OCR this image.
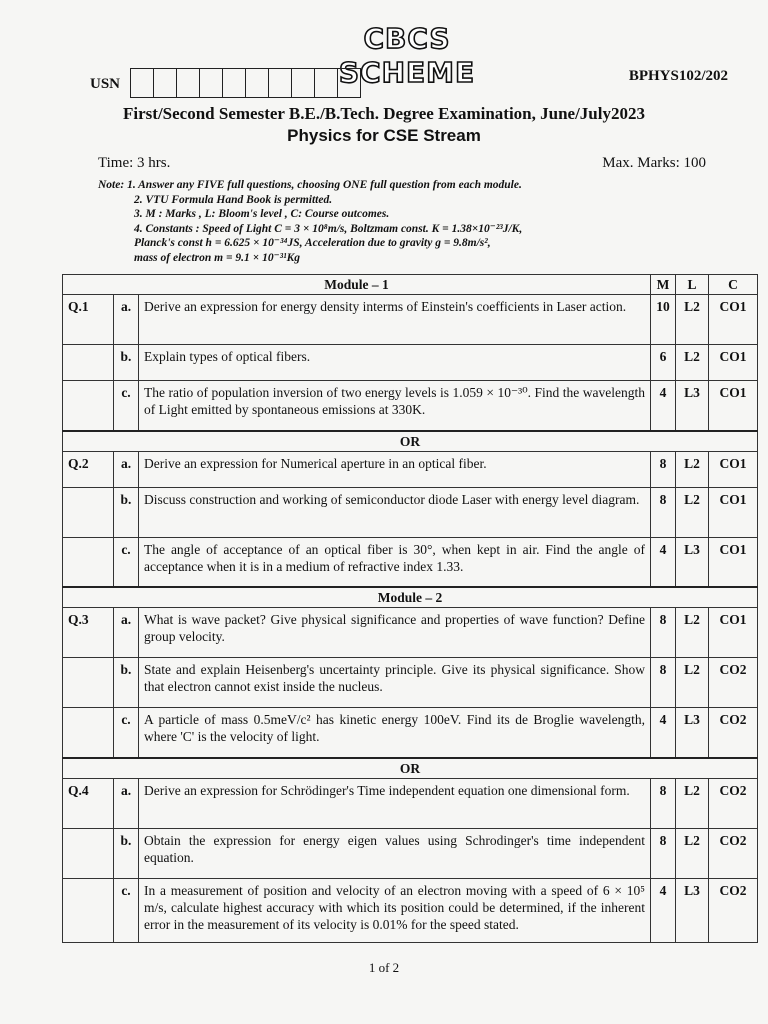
CBCS SCHEME
USN	BPHYS102/202
First/Second Semester B.E./B.Tech. Degree Examination, June/July2023
Physics for CSE Stream
Time: 3 hrs.	Max. Marks: 100
Note: 1. Answer any FIVE full questions, choosing ONE full question from each module.
2. VTU Formula Hand Book is permitted.
3. M : Marks , L: Bloom's level , C: Course outcomes.
4. Constants : Speed of Light C = 3 × 10⁸m/s, Boltzmam const. K = 1.38×10⁻²³J/K,
Planck's const h = 6.625 × 10⁻³⁴JS, Acceleration due to gravity g = 9.8m/s²,
mass of electron m = 9.1 × 10⁻³¹Kg
Module – 1			M	L	C
Q.1	a.	Derive an expression for energy density interms of Einstein's coefficients in Laser action.	10	L2	CO1
	b.	Explain types of optical fibers.	6	L2	CO1
	c.	The ratio of population inversion of two energy levels is 1.059 × 10⁻³⁰. Find the wavelength of Light emitted by spontaneous emissions at 330K.	4	L3	CO1
OR					
Q.2	a.	Derive an expression for Numerical aperture in an optical fiber.	8	L2	CO1
	b.	Discuss construction and working of semiconductor diode Laser with energy level diagram.	8	L2	CO1
	c.	The angle of acceptance of an optical fiber is 30°, when kept in air. Find the angle of acceptance when it is in a medium of refractive index 1.33.	4	L3	CO1
Module – 2					
Q.3	a.	What is wave packet? Give physical significance and properties of wave function? Define group velocity.	8	L2	CO1
	b.	State and explain Heisenberg's uncertainty principle. Give its physical significance. Show that electron cannot exist inside the nucleus.	8	L2	CO2
	c.	A particle of mass 0.5meV/c² has kinetic energy 100eV. Find its de Broglie wavelength, where 'C' is the velocity of light.	4	L3	CO2
OR					
Q.4	a.	Derive an expression for Schrödinger's Time independent equation one dimensional form.	8	L2	CO2
	b.	Obtain the expression for energy eigen values using Schrodinger's time independent equation.	8	L2	CO2
	c.	In a measurement of position and velocity of an electron moving with a speed of 6 × 10⁵ m/s, calculate highest accuracy with which its position could be determined, if the inherent error in the measurement of its velocity is 0.01% for the speed stated.	4	L3	CO2
1 of 2
